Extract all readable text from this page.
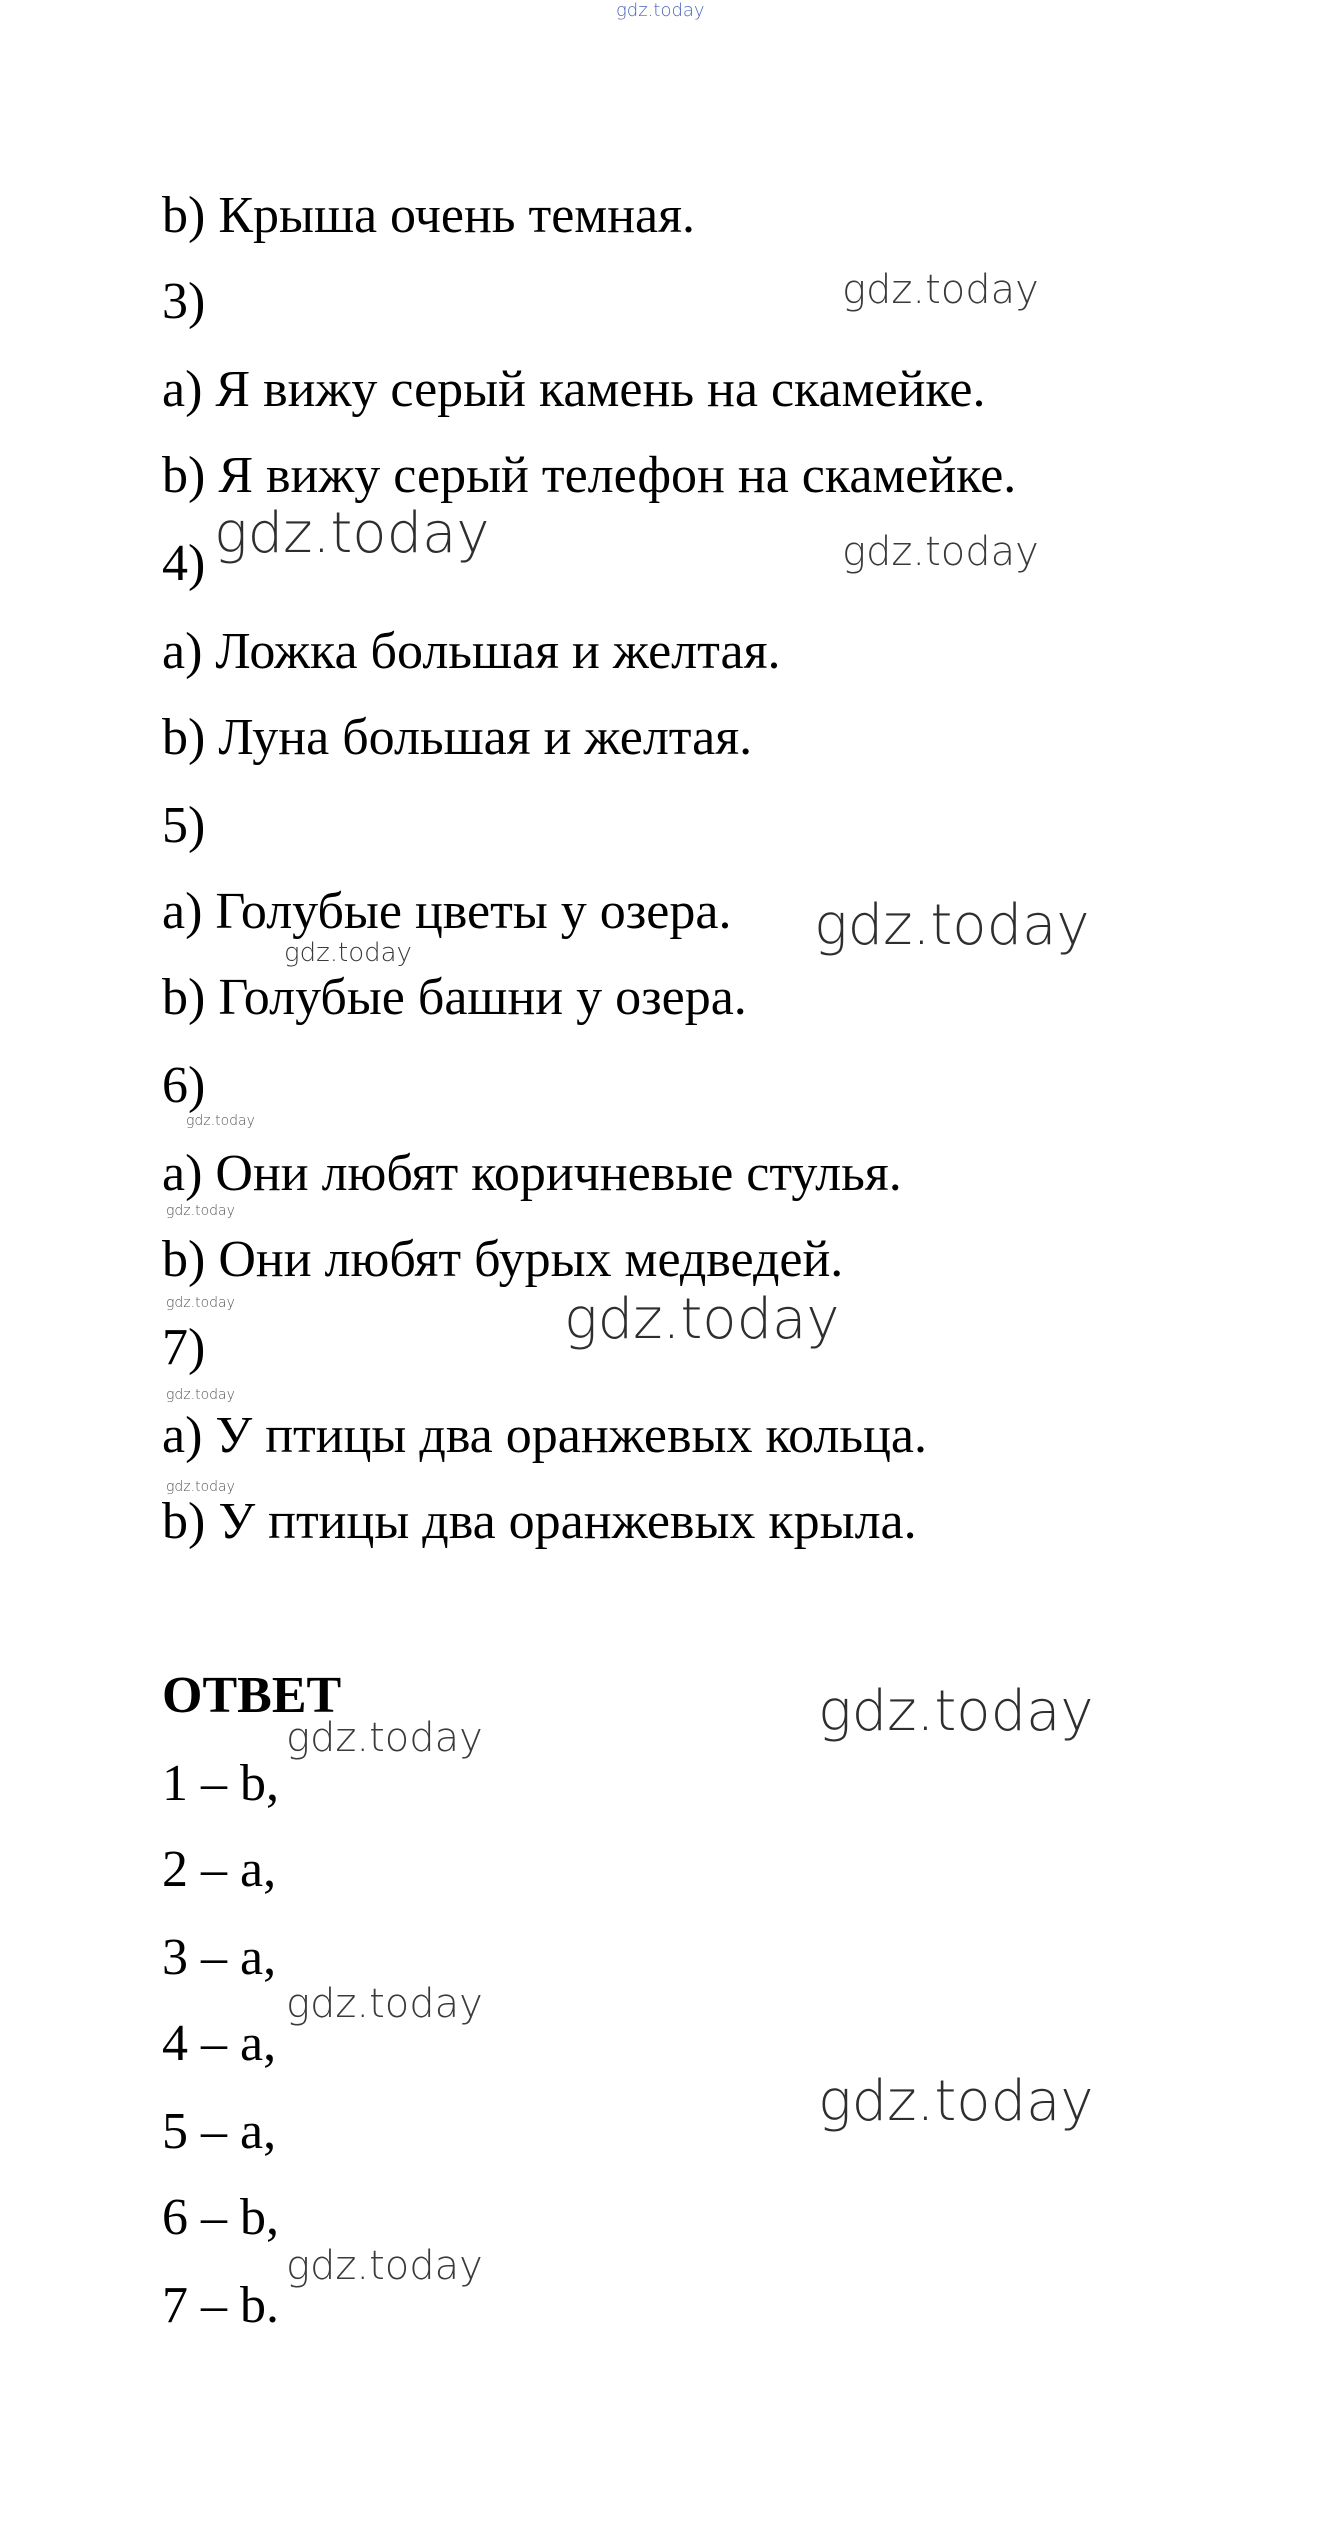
gdz.today
b) Крыша очень темная.
3)
a) Я вижу серый камень на скамейке.
b) Я вижу серый телефон на скамейке.
4)
a) Ложка большая и желтая.
b) Луна большая и желтая.
5)
a) Голубые цветы у озера.
b) Голубые башни у озера.
6)
a) Они любят коричневые стулья.
b) Они любят бурых медведей.
7)
a) У птицы два оранжевых кольца.
b) У птицы два оранжевых крыла.
ОТВЕТ
1 – b,
2 – a,
3 – a,
4 – a,
5 – a,
6 – b,
7 – b.
gdz.today
gdz.today	gdz.today
gdz.today
gdz.today
gdz.today
gdz.today
gdz.today	gdz.today
gdz.today
gdz.today
gdz.today
gdz.today
gdz.today
gdz.today
gdz.today
